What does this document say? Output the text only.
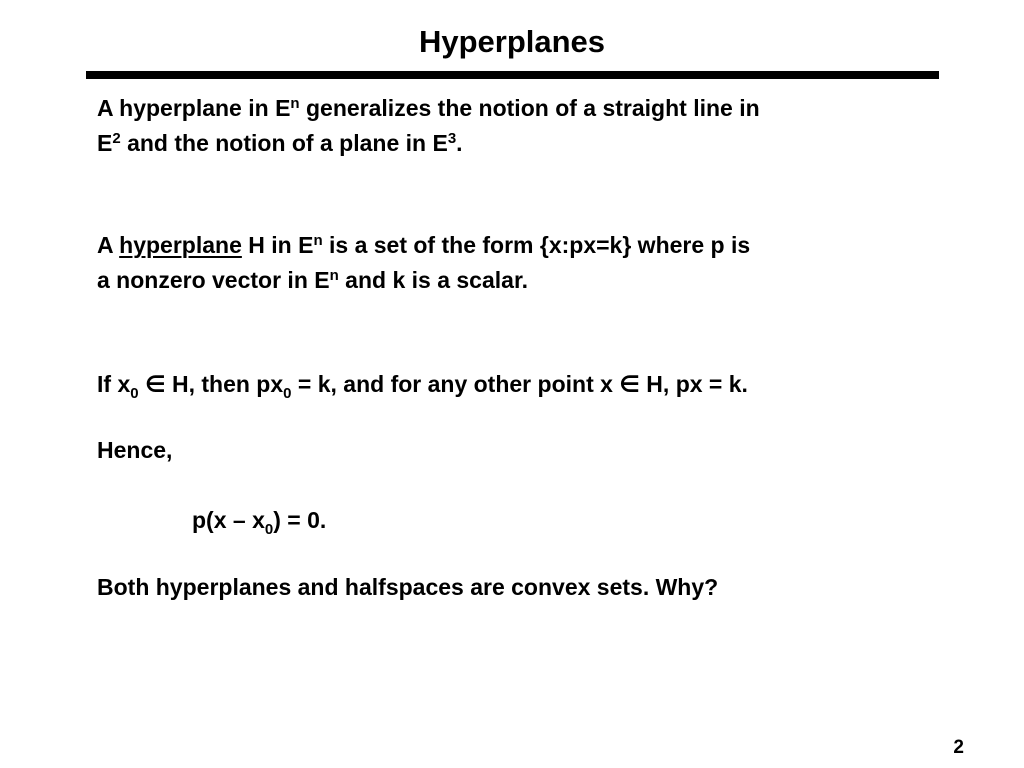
Hyperplanes
A hyperplane in $E^n$ generalizes the notion of a straight line in
$E^2$ and the notion of a plane in $E^3$.
A hyperplane H in $E^n$ is a set of the form {x:px=k} where p is
a nonzero vector in $E^n$ and k is a scalar.
If $x_0$ ∈ H, then $px_0 = k$, and for any other point x ∈ H, px = k.
Hence,
$p(x - x_0) = 0$.
Both hyperplanes and halfspaces are convex sets. Why?
2
